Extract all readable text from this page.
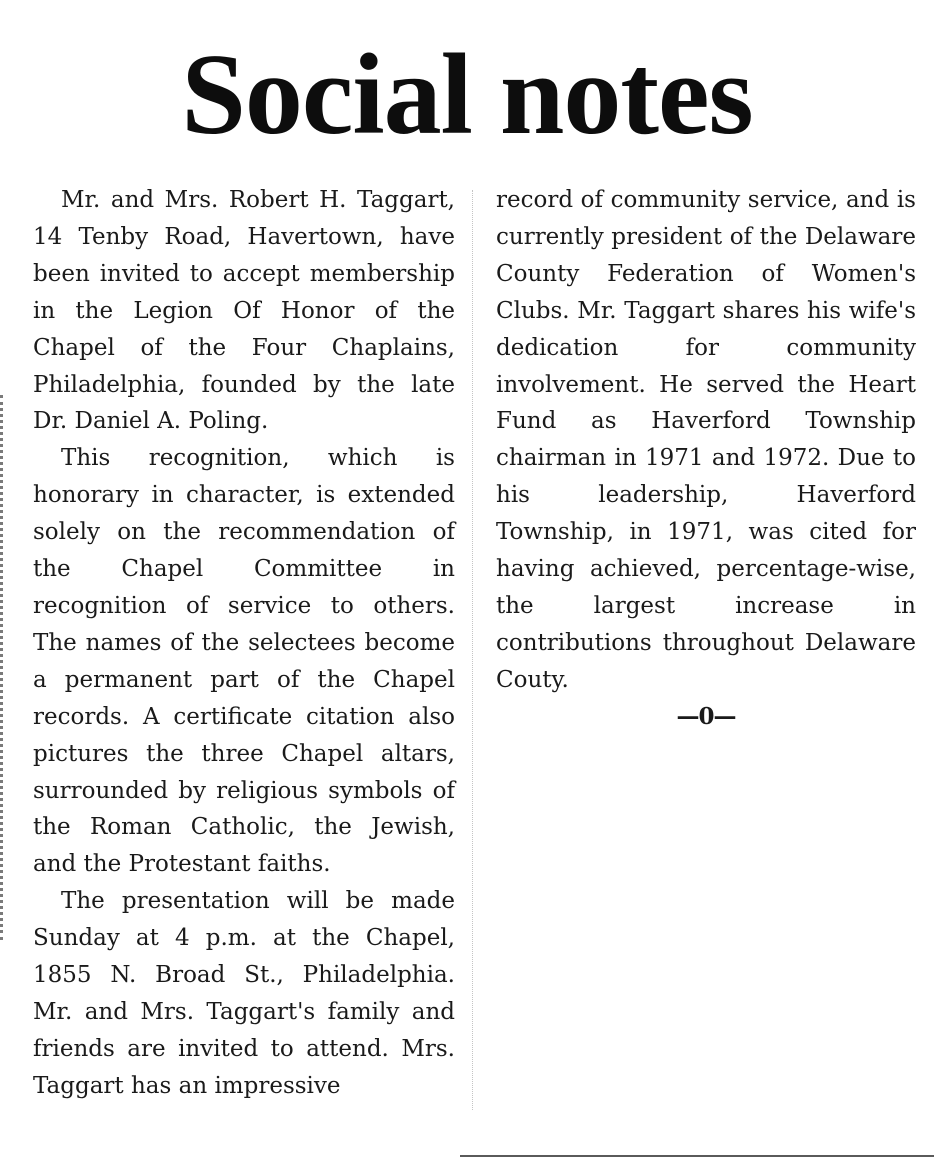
Social notes

Mr. and Mrs. Robert H. Taggart, 14 Tenby Road, Havertown, have been invited to accept membership in the Legion Of Honor of the Chapel of the Four Chaplains, Philadelphia, founded by the late Dr. Daniel A. Poling.

This recognition, which is honorary in character, is extended solely on the recommendation of the Chapel Committee in recognition of service to others. The names of the selectees become a permanent part of the Chapel records. A certificate citation also pictures the three Chapel altars, surrounded by religious symbols of the Roman Catholic, the Jewish, and the Protestant faiths.

The presentation will be made Sunday at 4 p.m. at the Chapel, 1855 N. Broad St., Philadelphia. Mr. and Mrs. Taggart's family and friends are invited to attend. Mrs. Taggart has an impressive

record of community service, and is currently president of the Delaware County Federation of Women's Clubs. Mr. Taggart shares his wife's dedication for community involvement. He served the Heart Fund as Haverford Township chairman in 1971 and 1972. Due to his leadership, Haverford Township, in 1971, was cited for having achieved, percentage-wise, the largest increase in contributions throughout Delaware Couty.

—0—
